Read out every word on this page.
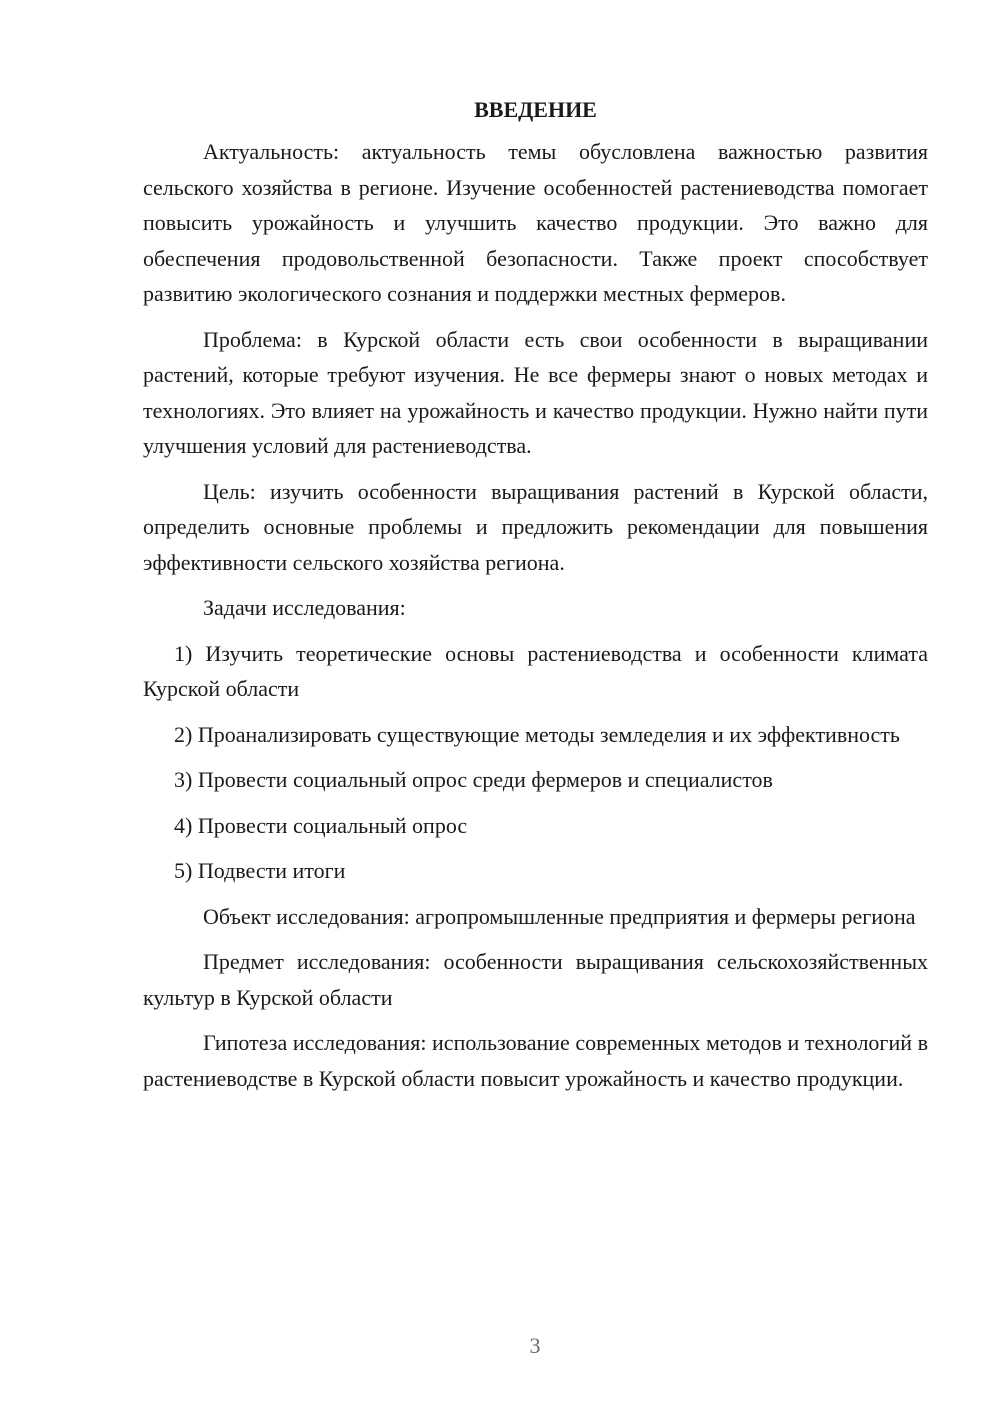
ВВЕДЕНИЕ

Актуальность: актуальность темы обусловлена важностью развития сельского хозяйства в регионе. Изучение особенностей растениеводства помогает повысить урожайность и улучшить качество продукции. Это важно для обеспечения продовольственной безопасности. Также проект способствует развитию экологического сознания и поддержки местных фермеров.

Проблема: в Курской области есть свои особенности в выращивании растений, которые требуют изучения. Не все фермеры знают о новых методах и технологиях. Это влияет на урожайность и качество продукции. Нужно найти пути улучшения условий для растениеводства.

Цель: изучить особенности выращивания растений в Курской области, определить основные проблемы и предложить рекомендации для повышения эффективности сельского хозяйства региона.

Задачи исследования:

1) Изучить теоретические основы растениеводства и особенности климата Курской области

2) Проанализировать существующие методы земледелия и их эффективность

3) Провести социальный опрос среди фермеров и специалистов

4) Провести социальный опрос

5) Подвести итоги

Объект исследования: агропромышленные предприятия и фермеры региона

Предмет исследования: особенности выращивания сельскохозяйственных культур в Курской области

Гипотеза исследования: использование современных методов и технологий в растениеводстве в Курской области повысит урожайность и качество продукции.

3
